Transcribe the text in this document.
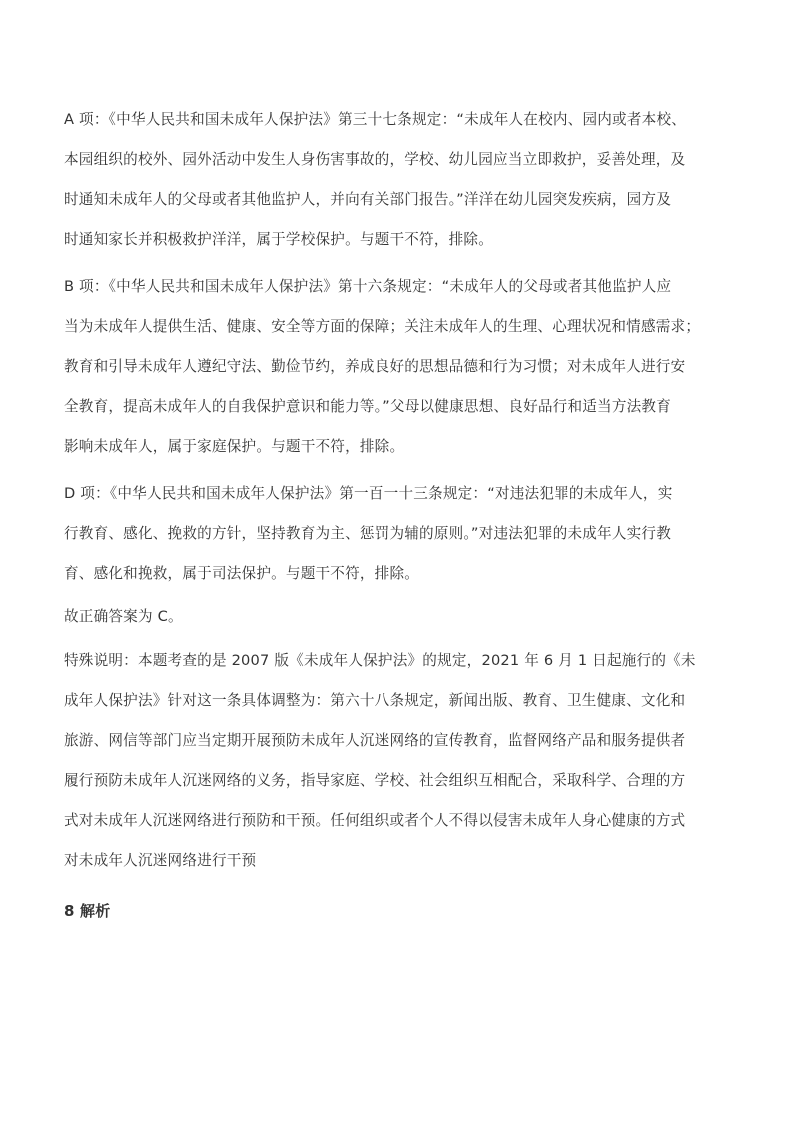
A 项：《中华人民共和国未成年人保护法》第三十七条规定：“未成年人在校内、园内或者本校、
本园组织的校外、园外活动中发生人身伤害事故的，学校、幼儿园应当立即救护，妥善处理，及
时通知未成年人的父母或者其他监护人，并向有关部门报告。”洋洋在幼儿园突发疾病，园方及
时通知家长并积极救护洋洋，属于学校保护。与题干不符，排除。
B 项：《中华人民共和国未成年人保护法》第十六条规定：“未成年人的父母或者其他监护人应
当为未成年人提供生活、健康、安全等方面的保障；关注未成年人的生理、心理状况和情感需求；
教育和引导未成年人遵纪守法、勤俭节约，养成良好的思想品德和行为习惯；对未成年人进行安
全教育，提高未成年人的自我保护意识和能力等。”父母以健康思想、良好品行和适当方法教育
影响未成年人，属于家庭保护。与题干不符，排除。
D 项：《中华人民共和国未成年人保护法》第一百一十三条规定：“对违法犯罪的未成年人，实
行教育、感化、挽救的方针，坚持教育为主、惩罚为辅的原则。”对违法犯罪的未成年人实行教
育、感化和挽救，属于司法保护。与题干不符，排除。
故正确答案为 C。
特殊说明：本题考查的是 2007 版《未成年人保护法》的规定，2021 年 6 月 1 日起施行的《未
成年人保护法》针对这一条具体调整为：第六十八条规定，新闻出版、教育、卫生健康、文化和
旅游、网信等部门应当定期开展预防未成年人沉迷网络的宣传教育，监督网络产品和服务提供者
履行预防未成年人沉迷网络的义务，指导家庭、学校、社会组织互相配合，采取科学、合理的方
式对未成年人沉迷网络进行预防和干预。任何组织或者个人不得以侵害未成年人身心健康的方式
对未成年人沉迷网络进行干预
8 解析
